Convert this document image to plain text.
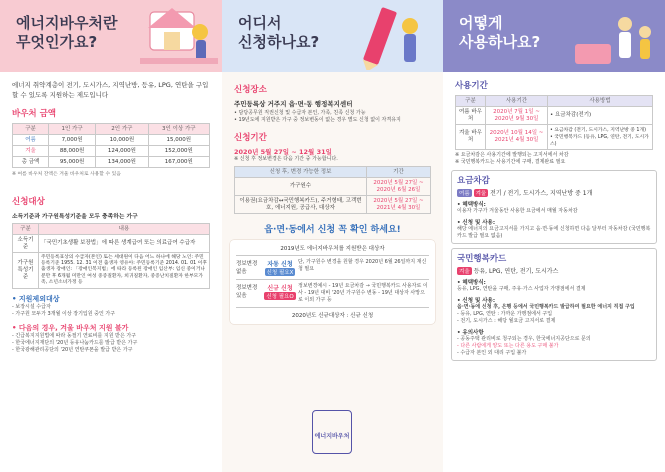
에너지바우처란
무엇인가요?

에너지 취약계층이 전기, 도시가스, 지역난방, 등유, LPG, 연탄을 구입할 수 있도록 지원하는 제도입니다

바우처 금액
구분	1인 가구	2인 가구	3인 이상 가구
여름	7,000원	10,000원	15,000원
겨울	88,000원	124,000원	152,000원
총 금액	95,000원	134,000원	167,000원
※ 여름 바우처 잔액은 겨울 바우처로 사용할 수 있음
신청대상
소득기준과 가구원특성기준을 모두 충족하는 가구
구분	내용
소득기준	「국민기초생활 보장법」에 따른 생계급여 또는 의료급여 수급자
가구원 특성기준	주민등록표상의 수급자(본인) 또는 세대원이 다음 어느 하나에 해당 노인: 주민등록기준 1955. 12. 31 이전 출생자 영유아: 주민등록기준 2014. 01. 01 이후 출생자 장애인: 「장애인복지법」에 따라 등록된 장애인 임산부: 임신 중이거나 분만 후 6개월 미만인 여성 중증질환자, 희귀질환자, 중증난치질환자 한부모가족, 소년소녀가정 등
• 지원제외대상
- 보장시설 수급자
- 가구원 모두가 3개월 이상 장기입원 중인 가구
• 다음의 경우, 겨울 바우처 지원 불가
- 긴급복지지원법에 따라 동절기 연료비를 지원 받은 가구
- 한국에너지재단의 '20년 등유나눔카드를 발급 받은 가구
- 한국광해관리공단의 '20년 연탄쿠폰을 발급 받은 가구
어디서
신청하나요?
신청장소
주민등록상 거주지 읍·면·동 행정복지센터
• 담당공무원 직권신청 및 수급자 본인, 가족, 친족 신청 가능
• 19년도에 지원받은 가구 중 정보변동이 없는 경우 별도 신청 없이 자격유지
신청기간
2020년 5월 27일 ~ 12월 31일
※ 신청 후 정보변경은 다음 기간 중 가능합니다.
신청 후, 변경 가능한 정보	기간
가구원수	2020년 5월 27일 ~ 2020년 6월 26일
이용권(요금차감↔국민행복카드), 주거형태, 고객번호, 에너지원, 공급사, 대상자	2020년 5월 27일 ~ 2021년 4월 30일
읍·면·동에서 신청 꼭 확인 하세요!
2019년도 에너지바우처를 지원받은 대상자
정보변경 없음
자동 신청
신청 필요X
단, 가구원수 변경을 원할 경우 2020년 6월 26일까지 재신청 필요
정보변경 있음
신규 신청
신청 필요O
정보변경예시 - 19년 요금차감 → 국민행복카드 사용자로 이사 - 19년 대비 '20년 가구원수 변동 - 19년 대상자 사망으로 이외 가구 등
2020년도 신규대상자 : 신규 신청
에너지바우처
어떻게
사용하나요?
사용기간
구분	사용기간	사용방법
여름 바우처	2020년 7월 1일 ~ 2020년 9월 30일	• 요금차감(전기)
겨울 바우처	2020년 10월 14일 ~ 2021년 4월 30일	• 요금차감 (전기, 도시가스, 지역난방 중 1개) • 국민행복카드 (등유, LPG, 연탄, 전기, 도시가스)
※ 요금차감은 사용기간에 발행되는 고지서에서 차감
※ 국민행복카드는 사용기간에 구매, 결제완료 필요
요금차감
여름 겨울 전기 / 전기, 도시가스, 지역난방 중 1개
• 혜택방식:
이용자 가구가 겨울동안 사용한 요금에서 매월 자동차감
• 신청 및 사용:
해당 에너지의 요금고지서를 가지고 읍·면·동에 신청하면 다음 달부터 자동차감 (국민행복카드 발급 필요 없음)
국민행복카드
겨울 등유, LPG, 연탄, 전기, 도시가스
• 혜택방식:
등유, LPG, 연탄을 구매, 주유·가스 사업자 가맹점에서 결제
• 신청 및 사용:
읍·면·동에 신청 후, 은행 등에서 국민행복카드 발급하여 필요한 에너지 직접 구입
- 등유, LPG, 연탄 : 가까운 가맹점에서 구입
- 전기, 도시가스 : 해당 월요금 고지서로 결제
• 유의사항
- 공동주택 관리비로 청구되는 경우, 한국에너지공단으로 문의
- 다른 사람에게 양도 또는 다른 용도 구매 불가
- 수급자 본인 외 대리 구입 불가
